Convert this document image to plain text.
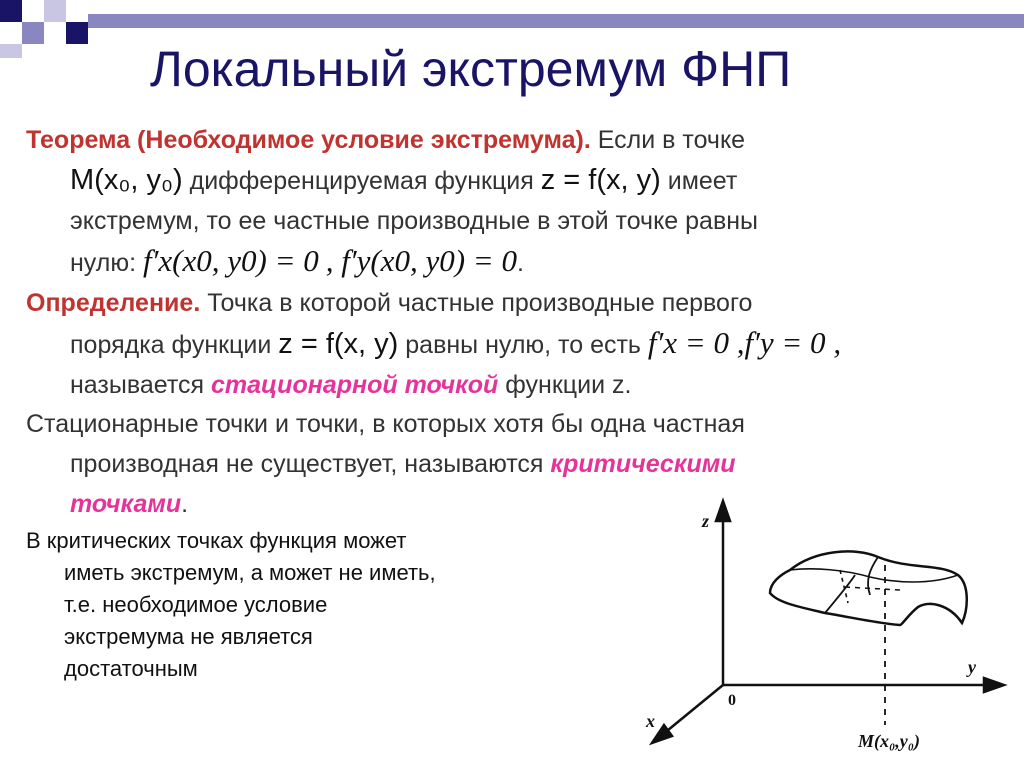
Локальный экстремум ФНП
Теорема (Необходимое условие экстремума). Если в точке
M(x₀, y₀) дифференцируемая функция z = f(x, y) имеет
экстремум, то ее частные производные в этой точке равны
нулю: f′x(x0, y0) = 0 , f′y(x0, y0) = 0.
Определение. Точка в которой частные производные первого
порядка функции z = f(x, y) равны нулю, то есть f′x = 0 ,f′y = 0 ,
называется стационарной точкой функции z.
Стационарные точки и точки, в которых хотя бы одна частная
производная не существует, называются критическими
точками.
В критических точках функция может
иметь экстремум, а может не иметь,
т.е. необходимое условие
экстремума не является
достаточным
z
y
x
0
M(x₀,y₀)
